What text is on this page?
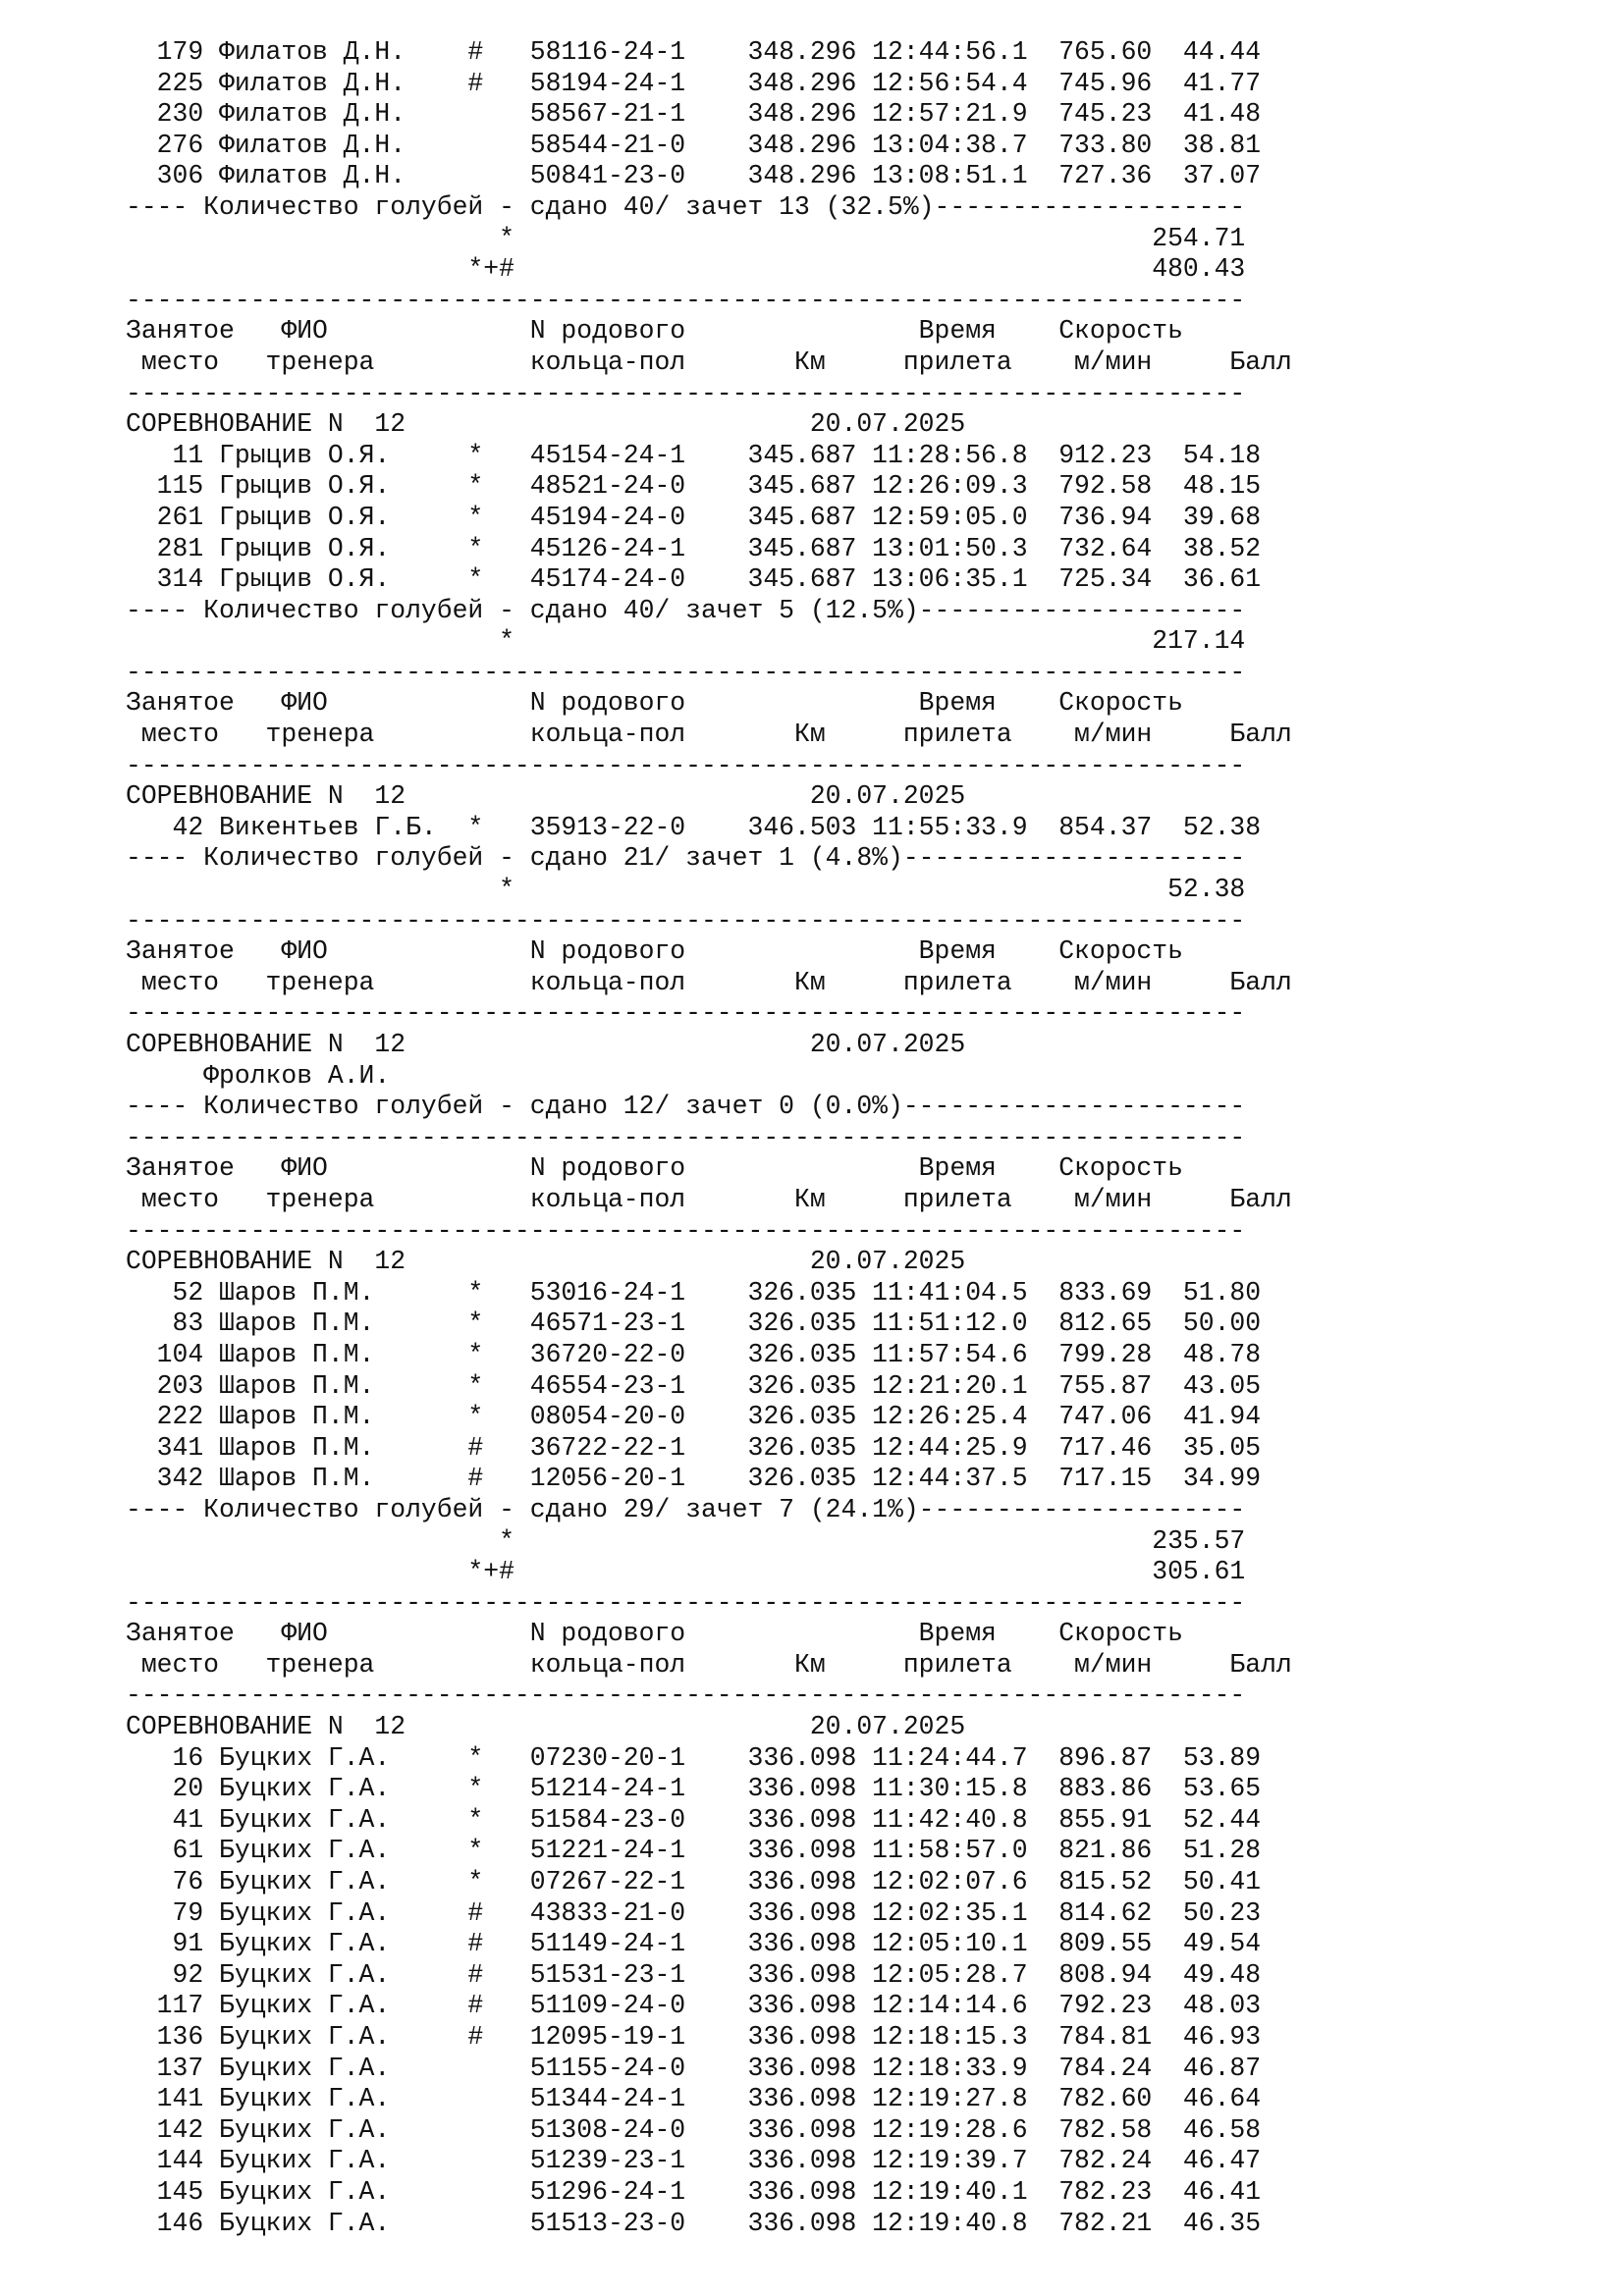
179 Филатов Д.Н.    #   58116-24-1    348.296 12:44:56.1  765.60  44.44
225 Филатов Д.Н.    #   58194-24-1    348.296 12:56:54.4  745.96  41.77
230 Филатов Д.Н.        58567-21-1    348.296 12:57:21.9  745.23  41.48
276 Филатов Д.Н.        58544-21-0    348.296 13:04:38.7  733.80  38.81
306 Филатов Д.Н.        50841-23-0    348.296 13:08:51.1  727.36  37.07
---- Количество голубей - сдано 40/ зачет 13 (32.5%)--------------------
*                                         254.71
*+#                                         480.43
------------------------------------------------------------------------
Занятое   ФИО             N родового               Время    Скорость
место   тренера          кольца-пол       Км     прилета    м/мин     Балл
------------------------------------------------------------------------
СОРЕВНОВАНИЕ N  12                          20.07.2025
11 Грыцив О.Я.     *   45154-24-1    345.687 11:28:56.8  912.23  54.18
115 Грыцив О.Я.     *   48521-24-0    345.687 12:26:09.3  792.58  48.15
261 Грыцив О.Я.     *   45194-24-0    345.687 12:59:05.0  736.94  39.68
281 Грыцив О.Я.     *   45126-24-1    345.687 13:01:50.3  732.64  38.52
314 Грыцив О.Я.     *   45174-24-0    345.687 13:06:35.1  725.34  36.61
---- Количество голубей - сдано 40/ зачет 5 (12.5%)---------------------
*                                         217.14
------------------------------------------------------------------------
Занятое   ФИО             N родового               Время    Скорость
место   тренера          кольца-пол       Км     прилета    м/мин     Балл
------------------------------------------------------------------------
СОРЕВНОВАНИЕ N  12                          20.07.2025
42 Викентьев Г.Б.  *   35913-22-0    346.503 11:55:33.9  854.37  52.38
---- Количество голубей - сдано 21/ зачет 1 (4.8%)----------------------
*                                          52.38
------------------------------------------------------------------------
Занятое   ФИО             N родового               Время    Скорость
место   тренера          кольца-пол       Км     прилета    м/мин     Балл
------------------------------------------------------------------------
СОРЕВНОВАНИЕ N  12                          20.07.2025
Фролков А.И.
---- Количество голубей - сдано 12/ зачет 0 (0.0%)----------------------
------------------------------------------------------------------------
Занятое   ФИО             N родового               Время    Скорость
место   тренера          кольца-пол       Км     прилета    м/мин     Балл
------------------------------------------------------------------------
СОРЕВНОВАНИЕ N  12                          20.07.2025
52 Шаров П.М.      *   53016-24-1    326.035 11:41:04.5  833.69  51.80
83 Шаров П.М.      *   46571-23-1    326.035 11:51:12.0  812.65  50.00
104 Шаров П.М.      *   36720-22-0    326.035 11:57:54.6  799.28  48.78
203 Шаров П.М.      *   46554-23-1    326.035 12:21:20.1  755.87  43.05
222 Шаров П.М.      *   08054-20-0    326.035 12:26:25.4  747.06  41.94
341 Шаров П.М.      #   36722-22-1    326.035 12:44:25.9  717.46  35.05
342 Шаров П.М.      #   12056-20-1    326.035 12:44:37.5  717.15  34.99
---- Количество голубей - сдано 29/ зачет 7 (24.1%)---------------------
*                                         235.57
*+#                                         305.61
------------------------------------------------------------------------
Занятое   ФИО             N родового               Время    Скорость
место   тренера          кольца-пол       Км     прилета    м/мин     Балл
------------------------------------------------------------------------
СОРЕВНОВАНИЕ N  12                          20.07.2025
16 Буцких Г.А.     *   07230-20-1    336.098 11:24:44.7  896.87  53.89
20 Буцких Г.А.     *   51214-24-1    336.098 11:30:15.8  883.86  53.65
41 Буцких Г.А.     *   51584-23-0    336.098 11:42:40.8  855.91  52.44
61 Буцких Г.А.     *   51221-24-1    336.098 11:58:57.0  821.86  51.28
76 Буцких Г.А.     *   07267-22-1    336.098 12:02:07.6  815.52  50.41
79 Буцких Г.А.     #   43833-21-0    336.098 12:02:35.1  814.62  50.23
91 Буцких Г.А.     #   51149-24-1    336.098 12:05:10.1  809.55  49.54
92 Буцких Г.А.     #   51531-23-1    336.098 12:05:28.7  808.94  49.48
117 Буцких Г.А.     #   51109-24-0    336.098 12:14:14.6  792.23  48.03
136 Буцких Г.А.     #   12095-19-1    336.098 12:18:15.3  784.81  46.93
137 Буцких Г.А.         51155-24-0    336.098 12:18:33.9  784.24  46.87
141 Буцких Г.А.         51344-24-1    336.098 12:19:27.8  782.60  46.64
142 Буцких Г.А.         51308-24-0    336.098 12:19:28.6  782.58  46.58
144 Буцких Г.А.         51239-23-1    336.098 12:19:39.7  782.24  46.47
145 Буцких Г.А.         51296-24-1    336.098 12:19:40.1  782.23  46.41
146 Буцких Г.А.         51513-23-0    336.098 12:19:40.8  782.21  46.35
